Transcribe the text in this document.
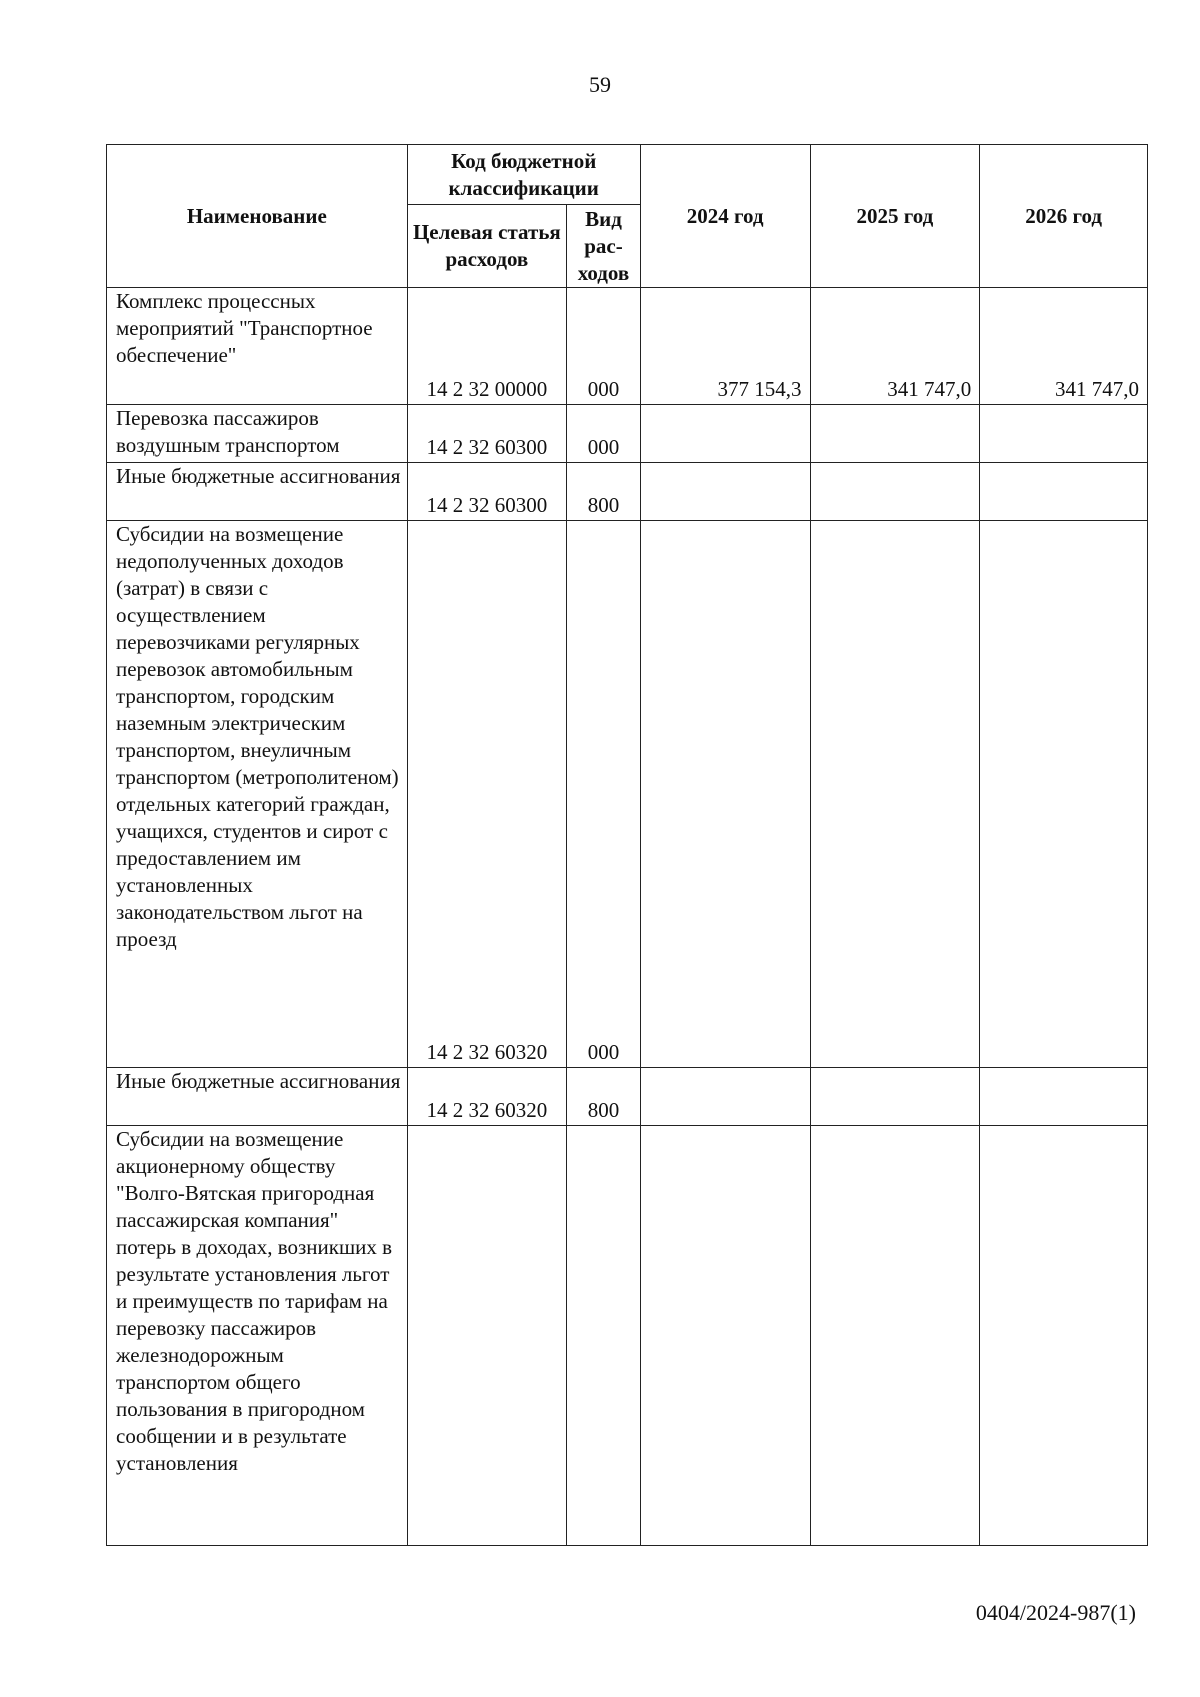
59
Наименование	Код бюджетной классификации		2024 год	2025 год	2026 год
	Целевая статья расходов	Вид рас-ходов			
Комплекс процессных мероприятий "Транспортное обеспечение"	14 2 32 00000	000	377 154,3	341 747,0	341 747,0
Перевозка пассажиров воздушным транспортом	14 2 32 60300	000			
Иные бюджетные ассигнования	14 2 32 60300	800			
Субсидии на возмещение недополученных доходов (затрат) в связи с осуществлением перевозчиками регулярных перевозок автомобильным транспортом, городским наземным электрическим транспортом, внеуличным транспортом (метрополитеном) отдельных категорий граждан, учащихся, студентов и сирот с предоставлением им установленных законодательством льгот на проезд	14 2 32 60320	000			
Иные бюджетные ассигнования	14 2 32 60320	800			
Субсидии на возмещение акционерному обществу "Волго-Вятская пригородная пассажирская компания" потерь в доходах, возникших в результате установления льгот и преимуществ по тарифам на перевозку пассажиров железнодорожным транспортом общего пользования в пригородном сообщении и в результате установления					
0404/2024-987(1)
